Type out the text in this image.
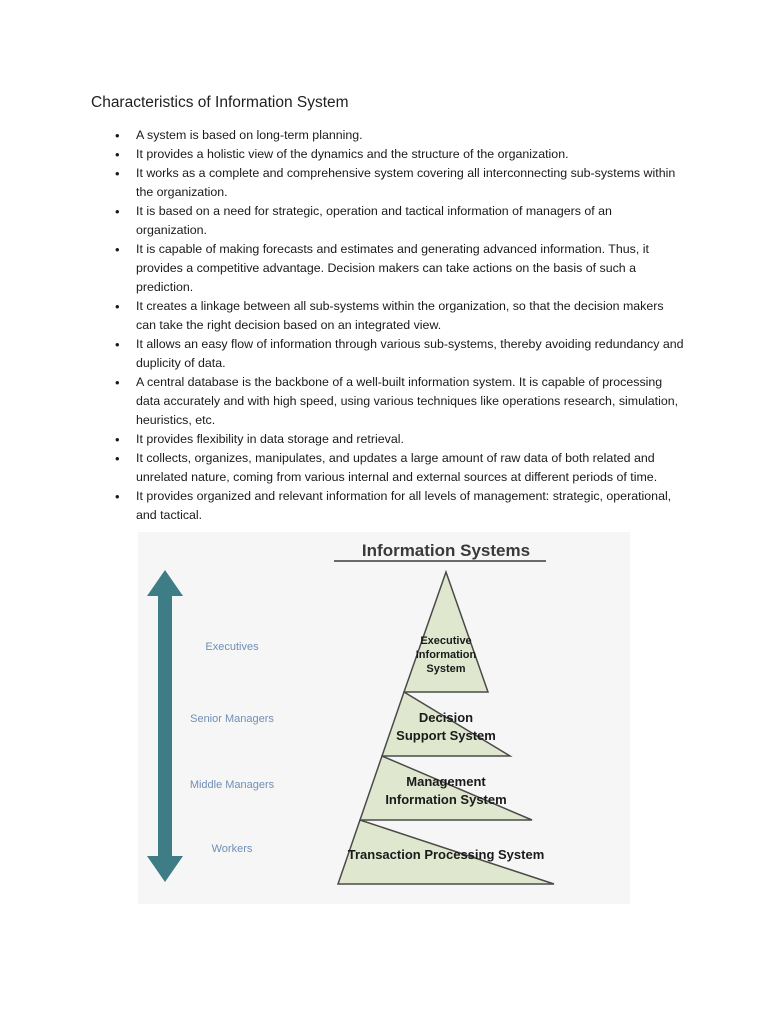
Characteristics of Information System
• A system is based on long-term planning.
• It provides a holistic view of the dynamics and the structure of the organization.
• It works as a complete and comprehensive system covering all interconnecting sub-systems within the organization.
• It is based on a need for strategic, operation and tactical information of managers of an organization.
• It is capable of making forecasts and estimates and generating advanced information. Thus, it provides a competitive advantage. Decision makers can take actions on the basis of such a prediction.
• It creates a linkage between all sub-systems within the organization, so that the decision makers can take the right decision based on an integrated view.
• It allows an easy flow of information through various sub-systems, thereby avoiding redundancy and duplicity of data.
• A central database is the backbone of a well-built information system. It is capable of processing data accurately and with high speed, using various techniques like operations research, simulation, heuristics, etc.
• It provides flexibility in data storage and retrieval.
• It collects, organizes, manipulates, and updates a large amount of raw data of both related and unrelated nature, coming from various internal and external sources at different periods of time.
• It provides organized and relevant information for all levels of management: strategic, operational, and tactical.
Information Systems
Executives
Senior Managers
Middle Managers
Workers
Executive
Information
System
Decision
Support System
Management
Information System
Transaction Processing System
